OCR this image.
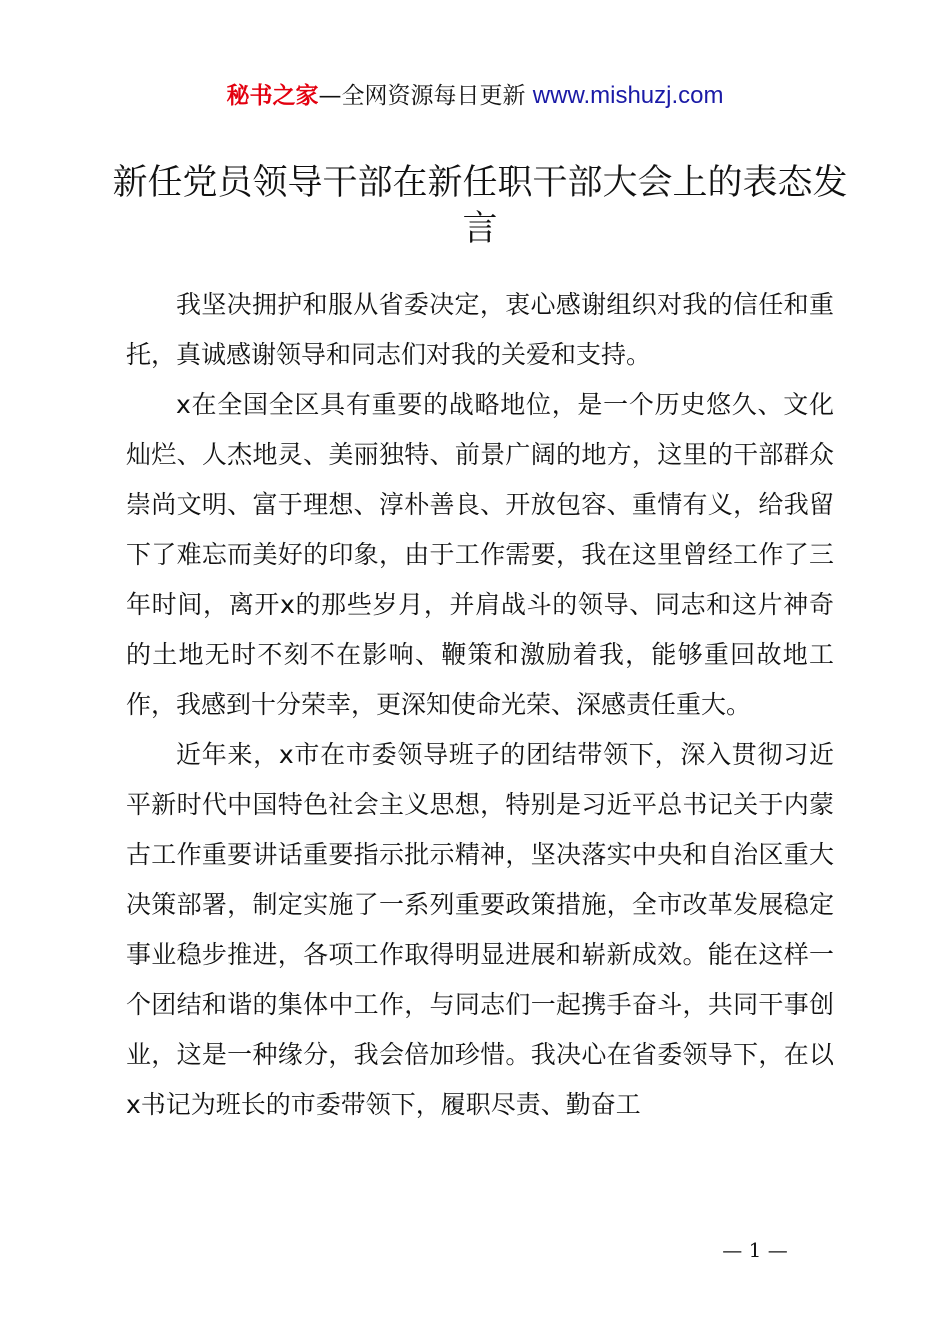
秘书之家—全网资源每日更新 www.mishuzj.com
新任党员领导干部在新任职干部大会上的表态发言

我坚决拥护和服从省委决定，衷心感谢组织对我的信任和重托，真诚感谢领导和同志们对我的关爱和支持。

x在全国全区具有重要的战略地位，是一个历史悠久、文化灿烂、人杰地灵、美丽独特、前景广阔的地方，这里的干部群众崇尚文明、富于理想、淳朴善良、开放包容、重情有义，给我留下了难忘而美好的印象，由于工作需要，我在这里曾经工作了三年时间，离开x的那些岁月，并肩战斗的领导、同志和这片神奇的土地无时不刻不在影响、鞭策和激励着我，能够重回故地工作，我感到十分荣幸，更深知使命光荣、深感责任重大。

近年来，x市在市委领导班子的团结带领下，深入贯彻习近平新时代中国特色社会主义思想，特别是习近平总书记关于内蒙古工作重要讲话重要指示批示精神，坚决落实中央和自治区重大决策部署，制定实施了一系列重要政策措施，全市改革发展稳定事业稳步推进，各项工作取得明显进展和崭新成效。能在这样一个团结和谐的集体中工作，与同志们一起携手奋斗，共同干事创业，这是一种缘分，我会倍加珍惜。我决心在省委领导下，在以x书记为班长的市委带领下，履职尽责、勤奋工

— 1 —
